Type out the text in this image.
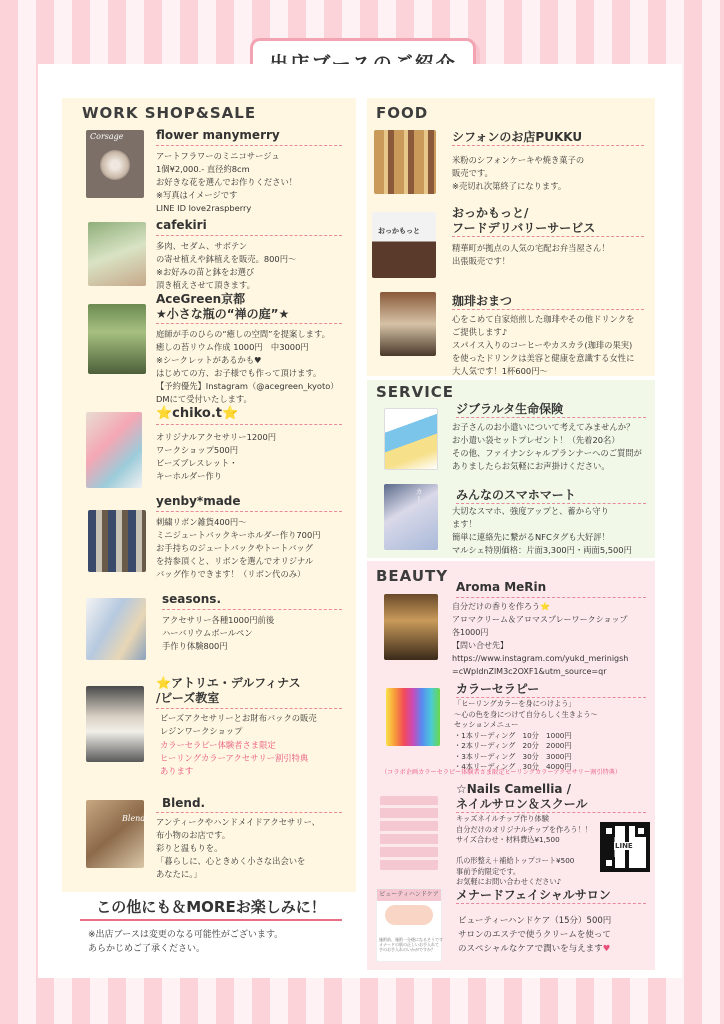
WORK SHOP&SALE	FOOD
SERVICE
BEAUTY
Corsage	flower manymerry
アートフラワーのミニコサージュ
1個¥2,000.- 直径約8cm
お好きな花を選んでお作りください！
※写真はイメージです
LINE ID love2raspberry
cafekiri
多肉、セダム、サボテン
の寄せ植えや鉢植えを販売。800円〜
※お好みの苗と鉢をお選び
頂き植えさせて頂きます。
AceGreen京都
★小さな瓶の“禅の庭”★
庭師が手のひらの“癒しの空間”を提案します。
癒しの苔リウム作成 1000円　中3000円
※シークレットがあるかも♥
はじめての方、お子様でも作って頂けます。
【予約優先】Instagram（@acegreen_kyoto）
DMにて受付いたします。
⭐chiko.t⭐
オリジナルアクセサリー1200円
ワークショップ500円
ビーズブレスレット・
キーホルダー作り
yenby*made
刺繍リボン雑貨400円〜
ミニジュートバックキーホルダー作り700円
お手持ちのジュートバックやトートバッグ
を持参頂くと、リボンを選んでオリジナル
バッグ作りできます！（リボン代のみ）
seasons.
アクセサリー各種1000円前後
ハーバリウムボールペン
手作り体験800円
⭐アトリエ・デルフィナス
/ビーズ教室
ビーズアクセサリーとお財布バックの販売
レジンワークショップ
カラーセラピー体験者さま限定
ヒーリングカラーアクセサリー割引特典
あります
Blend
Blend.
アンティークやハンドメイドアクセサリー、
布小物のお店です。
彩りと温もりを。
「暮らしに、心ときめく小さな出会いを
あなたに。」
この他にも＆MOREお楽しみに！
※出店ブースは変更のなる可能性がございます。
あらかじめご了承ください。
シフォンのお店PUKKU
米粉のシフォンケーキや焼き菓子の
販売です。
※売切れ次第終了になります。
おっかもっと
おっかもっと/
フードデリバリーサービス
精華町が拠点の人気の宅配お弁当屋さん！
出張販売です！
珈琲おまつ
心をこめて自家焙煎した珈琲やその他ドリンクを
ご提供します♪
スパイス入りのコーヒーやカスカラ(珈琲の果実)
を使ったドリンクは美容と健康を意識する女性に
大人気です！1杯600円〜
ジブラルタ生命保険
お子さんのお小遣いについて考えてみませんか？
お小遣い袋セットプレゼント！（先着20名）
その他、ファイナンシャルプランナーへのご質問が
ありましたらお気軽にお声掛けください。
カー	みんなのスマホマート
大切なスマホ、強度アップと、蓄から守り
ます！
簡単に連絡先に繋がるNFCタグも大好評！
マルシェ特別価格：片面3,300円・両面5,500円
Aroma MeRin
自分だけの香りを作ろう⭐
アロマクリーム＆アロマスプレーワークショップ
各1000円
【問い合せ先】
https://www.instagram.com/yukd_merinigsh
=cWpldnZlM3c2OXF1&utm_source=qr
カラーセラピー
「ヒーリングカラーを身につけよう」
〜心の色を身につけて自分らしく生きよう〜
セッションメニュー
・1本リーディング　10分　1000円
・2本リーディング　20分　2000円
・3本リーディング　30分　3000円
・4本リーディング　30分　4000円
（コラボ企画カラーセラピー体験者さま限定ヒーリングカラーアクセサリー割引特典）
☆Nails Camellia /
ネイルサロン＆スクール
キッズネイルチップ作り体験
自分だけのオリジナルチップを作ろう！！
サイズ合わせ・材料費込¥1,500

爪の形整え＋補給トップコート¥500
事前予約限定です。
お気軽にお問い合わせください♪
LINE
ビューティハンドケア
施術前、施術一分後になるそうです
メナードの肌の正しいお手入れて
手のお手入れのいかがですか？
メナードフェイシャルサロン
ビューティーハンドケア（15分）500円
サロンのエステで使うクリームを使って
のスペシャルなケアで潤いを与えます♥
